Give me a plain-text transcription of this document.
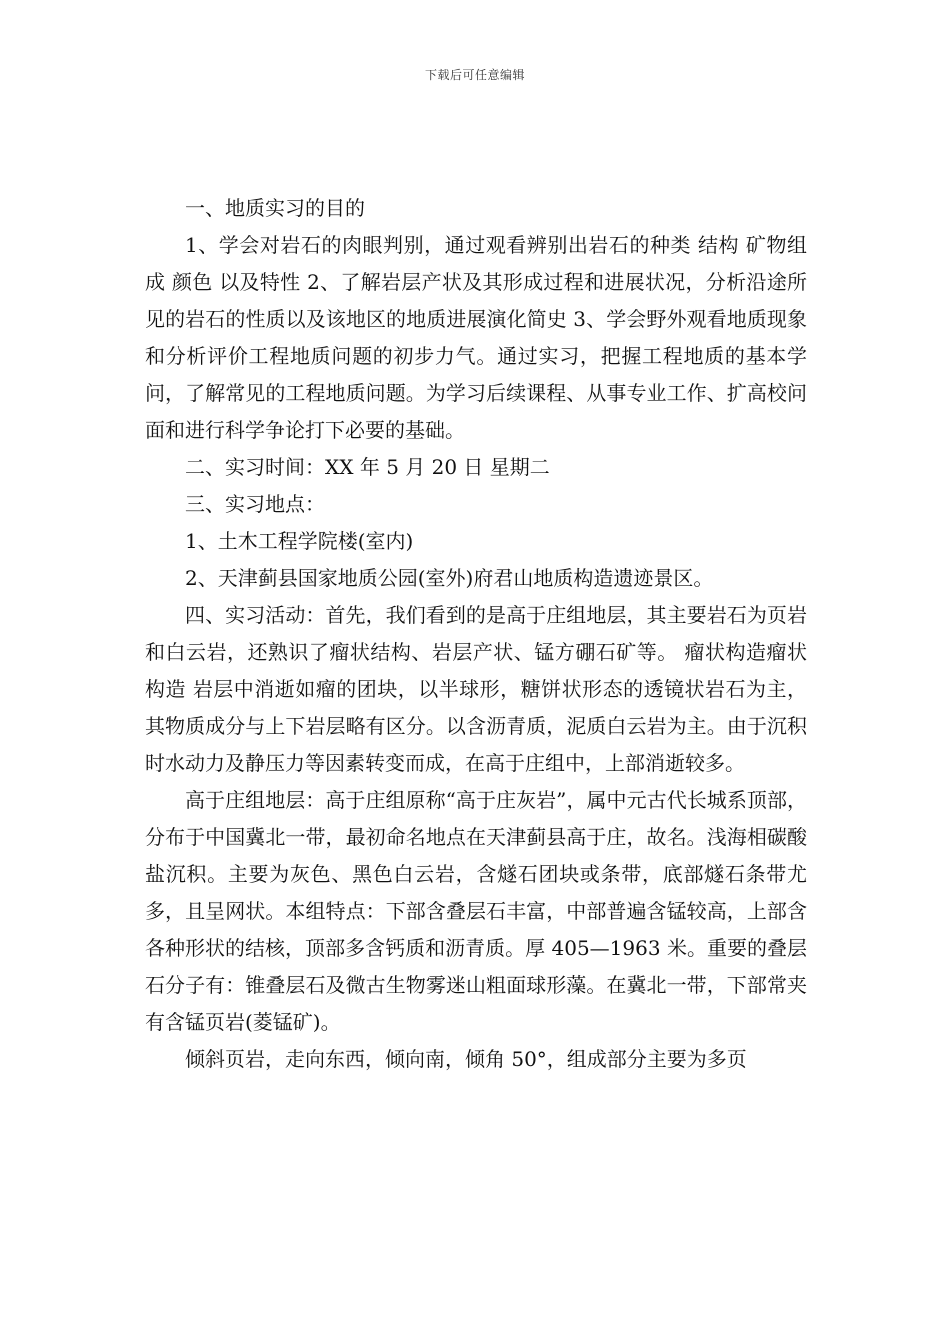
下载后可任意编辑

一、地质实习的目的

1、学会对岩石的肉眼判别，通过观看辨别出岩石的种类 结构 矿物组成 颜色 以及特性 2、了解岩层产状及其形成过程和进展状况，分析沿途所见的岩石的性质以及该地区的地质进展演化简史 3、学会野外观看地质现象和分析评价工程地质问题的初步力气。通过实习，把握工程地质的基本学问，了解常见的工程地质问题。为学习后续课程、从事专业工作、扩高校问面和进行科学争论打下必要的基础。

二、实习时间：XX 年 5 月 20 日 星期二

三、实习地点：

1、土木工程学院楼(室内)

2、天津蓟县国家地质公园(室外)府君山地质构造遗迹景区。

四、实习活动：首先，我们看到的是高于庄组地层，其主要岩石为页岩和白云岩，还熟识了瘤状结构、岩层产状、锰方硼石矿等。 瘤状构造瘤状构造 岩层中消逝如瘤的团块，以半球形，糖饼状形态的透镜状岩石为主，其物质成分与上下岩层略有区分。以含沥青质，泥质白云岩为主。由于沉积时水动力及静压力等因素转变而成，在高于庄组中，上部消逝较多。

高于庄组地层：高于庄组原称“高于庄灰岩”，属中元古代长城系顶部，分布于中国冀北一带，最初命名地点在天津蓟县高于庄，故名。浅海相碳酸盐沉积。主要为灰色、黑色白云岩，含燧石团块或条带，底部燧石条带尤多，且呈网状。本组特点：下部含叠层石丰富，中部普遍含锰较高，上部含各种形状的结核，顶部多含钙质和沥青质。厚 405—1963 米。重要的叠层石分子有：锥叠层石及微古生物雾迷山粗面球形藻。在冀北一带，下部常夹有含锰页岩(菱锰矿)。

倾斜页岩，走向东西，倾向南，倾角 50°，组成部分主要为多页
